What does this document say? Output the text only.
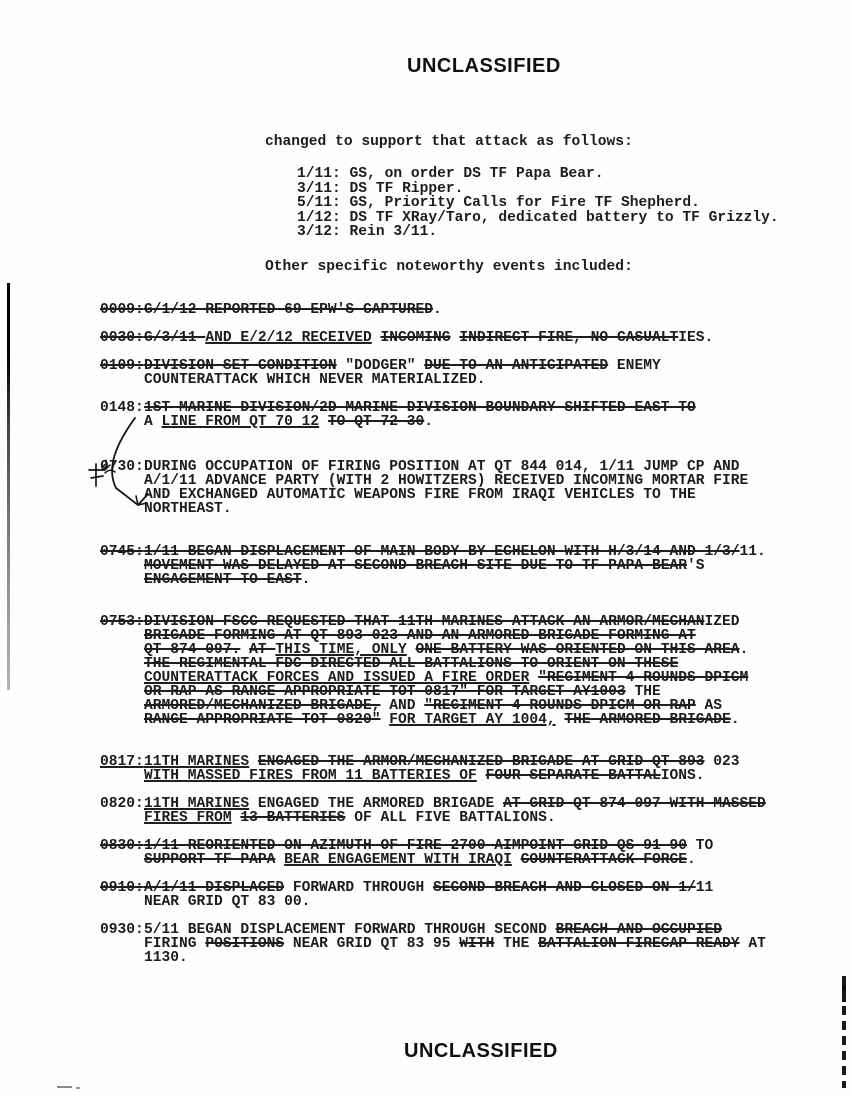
UNCLASSIFIED
changed to support that attack as follows:
1/11: GS, on order DS TF Papa Bear.
3/11: DS TF Ripper.
5/11: GS, Priority Calls for Fire TF Shepherd.
1/12: DS TF XRay/Taro, dedicated battery to TF Grizzly.
3/12: Rein 3/11.
Other specific noteworthy events included:
0009: G/1/12 REPORTED 69 EPW'S CAPTURED.
0030: G/3/11 AND E/2/12 RECEIVED INCOMING INDIRECT FIRE, NO CASUALTIES.
0109: DIVISION SET CONDITION "DODGER" DUE TO AN ANTICIPATED ENEMY
COUNTERATTACK WHICH NEVER MATERIALIZED.
0148: 1ST MARINE DIVISION/2D MARINE DIVISION BOUNDARY SHIFTED EAST TO
A LINE FROM QT 70 12 TO QT 72 30.
0730: DURING OCCUPATION OF FIRING POSITION AT QT 844 014, 1/11 JUMP CP AND
A/1/11 ADVANCE PARTY (WITH 2 HOWITZERS) RECEIVED INCOMING MORTAR FIRE
AND EXCHANGED AUTOMATIC WEAPONS FIRE FROM IRAQI VEHICLES TO THE
NORTHEAST.
0745: 1/11 BEGAN DISPLACEMENT OF MAIN BODY BY ECHELON WITH H/3/14 AND 1/3/11.
MOVEMENT WAS DELAYED AT SECOND BREACH SITE DUE TO TF PAPA BEAR'S
ENGAGEMENT TO EAST.
0753: DIVISION FSCC REQUESTED THAT 11TH MARINES ATTACK AN ARMOR/MECHANIZED
BRIGADE FORMING AT QT 893 023 AND AN ARMORED BRIGADE FORMING AT
QT 874 097. AT THIS TIME, ONLY ONE BATTERY WAS ORIENTED ON THIS AREA.
THE REGIMENTAL FDC DIRECTED ALL BATTALIONS TO ORIENT ON THESE
COUNTERATTACK FORCES AND ISSUED A FIRE ORDER "REGIMENT 4 ROUNDS DPICM
OR RAP AS RANGE APPROPRIATE TOT 0817" FOR TARGET AY1003 THE
ARMORED/MECHANIZED BRIGADE, AND "REGIMENT 4 ROUNDS DPICM OR RAP AS
RANGE APPROPRIATE TOT 0820" FOR TARGET AY 1004, THE ARMORED BRIGADE.
0817: 11TH MARINES ENGAGED THE ARMOR/MECHANIZED BRIGADE AT GRID QT 893 023
WITH MASSED FIRES FROM 11 BATTERIES OF FOUR SEPARATE BATTALIONS.
0820: 11TH MARINES ENGAGED THE ARMORED BRIGADE AT GRID QT 874 097 WITH MASSED
FIRES FROM 13 BATTERIES OF ALL FIVE BATTALIONS.
0830: 1/11 REORIENTED ON AZIMUTH OF FIRE 2700 AIMPOINT GRID QS 91 90 TO
SUPPORT TF PAPA BEAR ENGAGEMENT WITH IRAQI COUNTERATTACK FORCE.
0910: A/1/11 DISPLACED FORWARD THROUGH SECOND BREACH AND CLOSED ON 1/11
NEAR GRID QT 83 00.
0930: 5/11 BEGAN DISPLACEMENT FORWARD THROUGH SECOND BREACH AND OCCUPIED
FIRING POSITIONS NEAR GRID QT 83 95 WITH THE BATTALION FIRECAP READY AT
1130.
UNCLASSIFIED
